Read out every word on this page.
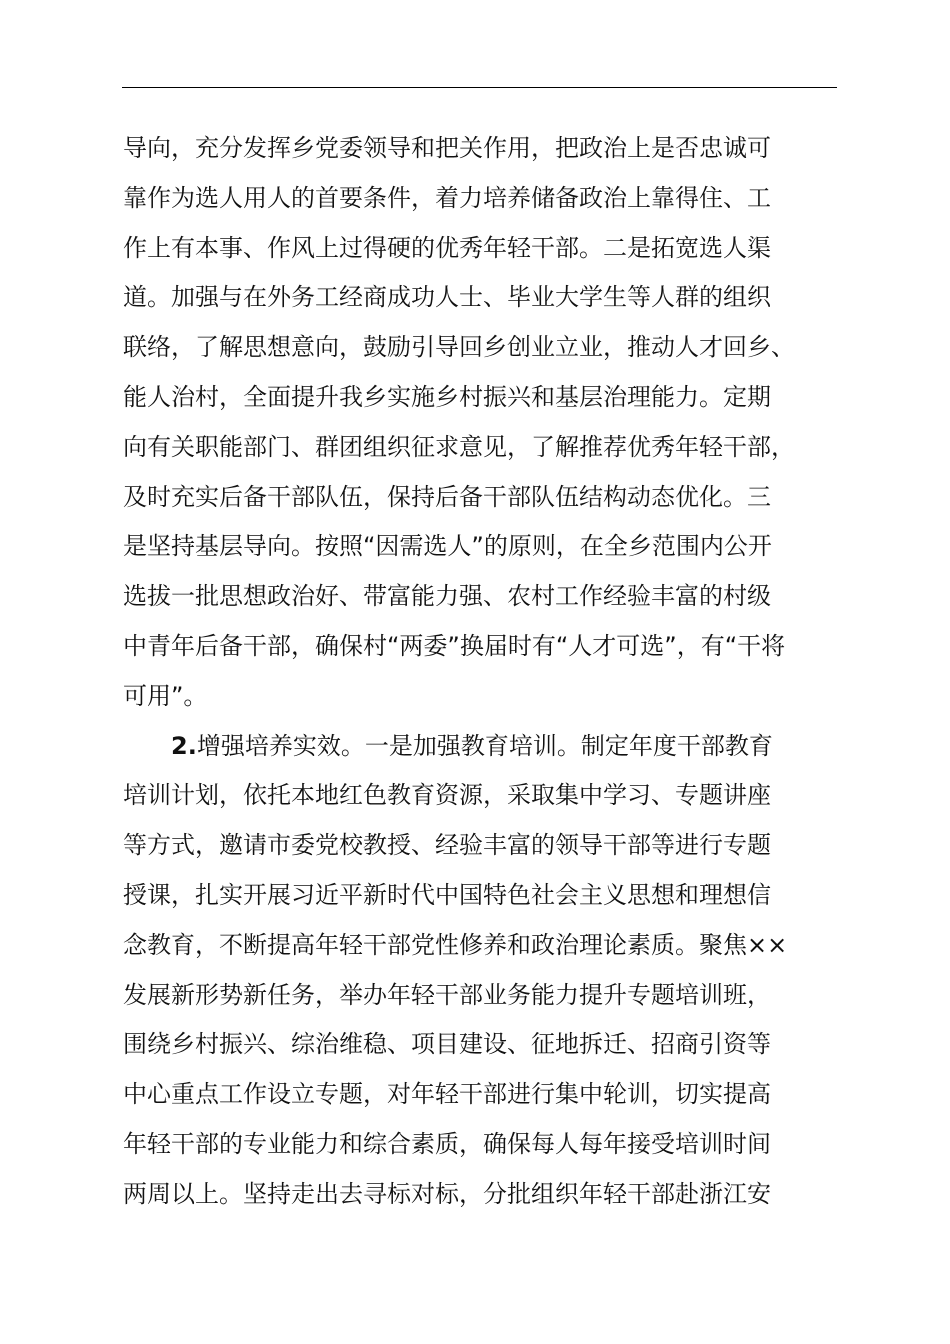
导向，充分发挥乡党委领导和把关作用，把政治上是否忠诚可
靠作为选人用人的首要条件，着力培养储备政治上靠得住、工
作上有本事、作风上过得硬的优秀年轻干部。二是拓宽选人渠
道。加强与在外务工经商成功人士、毕业大学生等人群的组织
联络，了解思想意向，鼓励引导回乡创业立业，推动人才回乡、
能人治村，全面提升我乡实施乡村振兴和基层治理能力。定期
向有关职能部门、群团组织征求意见，了解推荐优秀年轻干部，
及时充实后备干部队伍，保持后备干部队伍结构动态优化。三
是坚持基层导向。按照“因需选人”的原则，在全乡范围内公开
选拔一批思想政治好、带富能力强、农村工作经验丰富的村级
中青年后备干部，确保村“两委”换届时有“人才可选”，有“干将
可用”。
2.增强培养实效。一是加强教育培训。制定年度干部教育
培训计划，依托本地红色教育资源，采取集中学习、专题讲座
等方式，邀请市委党校教授、经验丰富的领导干部等进行专题
授课，扎实开展习近平新时代中国特色社会主义思想和理想信
念教育，不断提高年轻干部党性修养和政治理论素质。聚焦××
发展新形势新任务，举办年轻干部业务能力提升专题培训班，
围绕乡村振兴、综治维稳、项目建设、征地拆迁、招商引资等
中心重点工作设立专题，对年轻干部进行集中轮训，切实提高
年轻干部的专业能力和综合素质，确保每人每年接受培训时间
两周以上。坚持走出去寻标对标，分批组织年轻干部赴浙江安
